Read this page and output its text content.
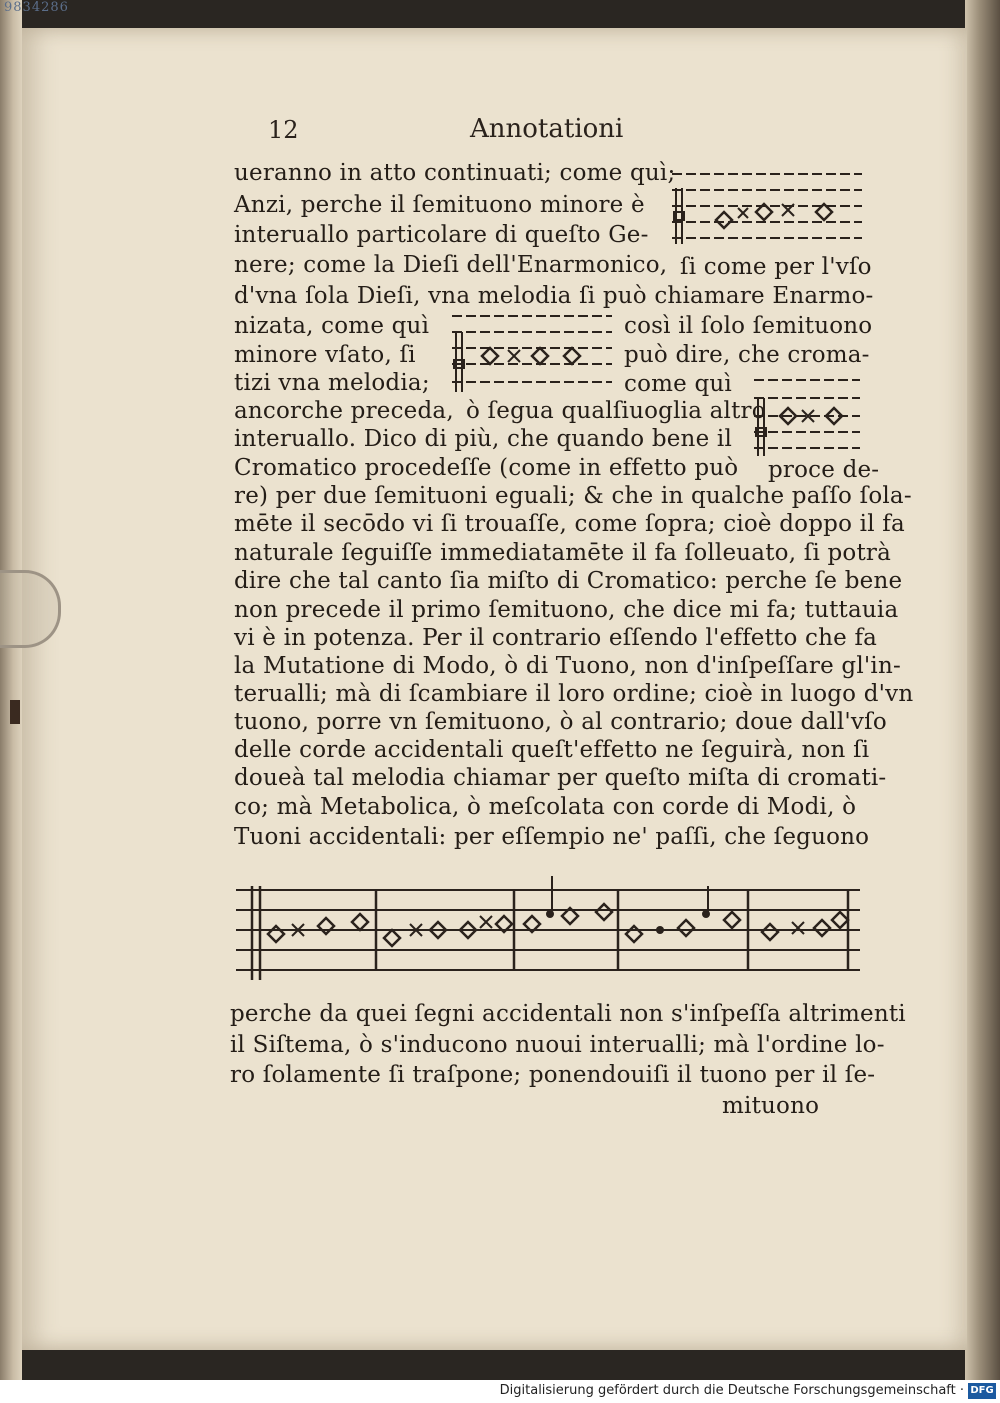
9834286
12	Annotationi
ueranno in atto continuati; come quì;
Anzi, perche il ſemituono minore è
interuallo particolare di queſto Ge-
nere; come la Dieſi dell'Enarmonico, ſi come per l'vſo
d'vna ſola Dieſi, vna melodia ſi può chiamare Enarmo-
nizata, come quì	così il ſolo ſemituono
minore vſato, ſi	può dire, che croma-
tizi vna melodia;	come quì
ancorche preceda, ò ſegua qualſiuoglia altro
interuallo. Dico di più, che quando bene il
Cromatico procedeſſe (come in effetto può proce de-
re) per due ſemituoni eguali; & che in qualche paſſo ſola-
mēte il secōdo vi ſi trouaſſe, come ſopra; cioè doppo il fa
naturale ſeguiſſe immediatamēte il fa ſolleuato, ſi potrà
dire che tal canto ſia miſto di Cromatico: perche ſe bene
non precede il primo ſemituono, che dice mi fa; tuttauia
vi è in potenza. Per il contrario eſſendo l'effetto che fa
la Mutatione di Modo, ò di Tuono, non d'inſpeſſare gl'in-
terualli; mà di ſcambiare il loro ordine; cioè in luogo d'vn
tuono, porre vn ſemituono, ò al contrario; doue dall'vſo
delle corde accidentali queſt'effetto ne ſeguirà, non ſi
doueà tal melodia chiamar per queſto miſta di cromati-
co; mà Metabolica, ò meſcolata con corde di Modi, ò
Tuoni accidentali: per eſſempio ne' paſſi, che ſeguono
perche da quei ſegni accidentali non s'inſpeſſa altrimenti
il Siſtema, ò s'inducono nuoui interualli; mà l'ordine lo-
ro ſolamente ſi traſpone; ponendouiſi il tuono per il ſe-
mituono
Digitalisierung gefördert durch die Deutsche Forschungsgemeinschaft · DFG
